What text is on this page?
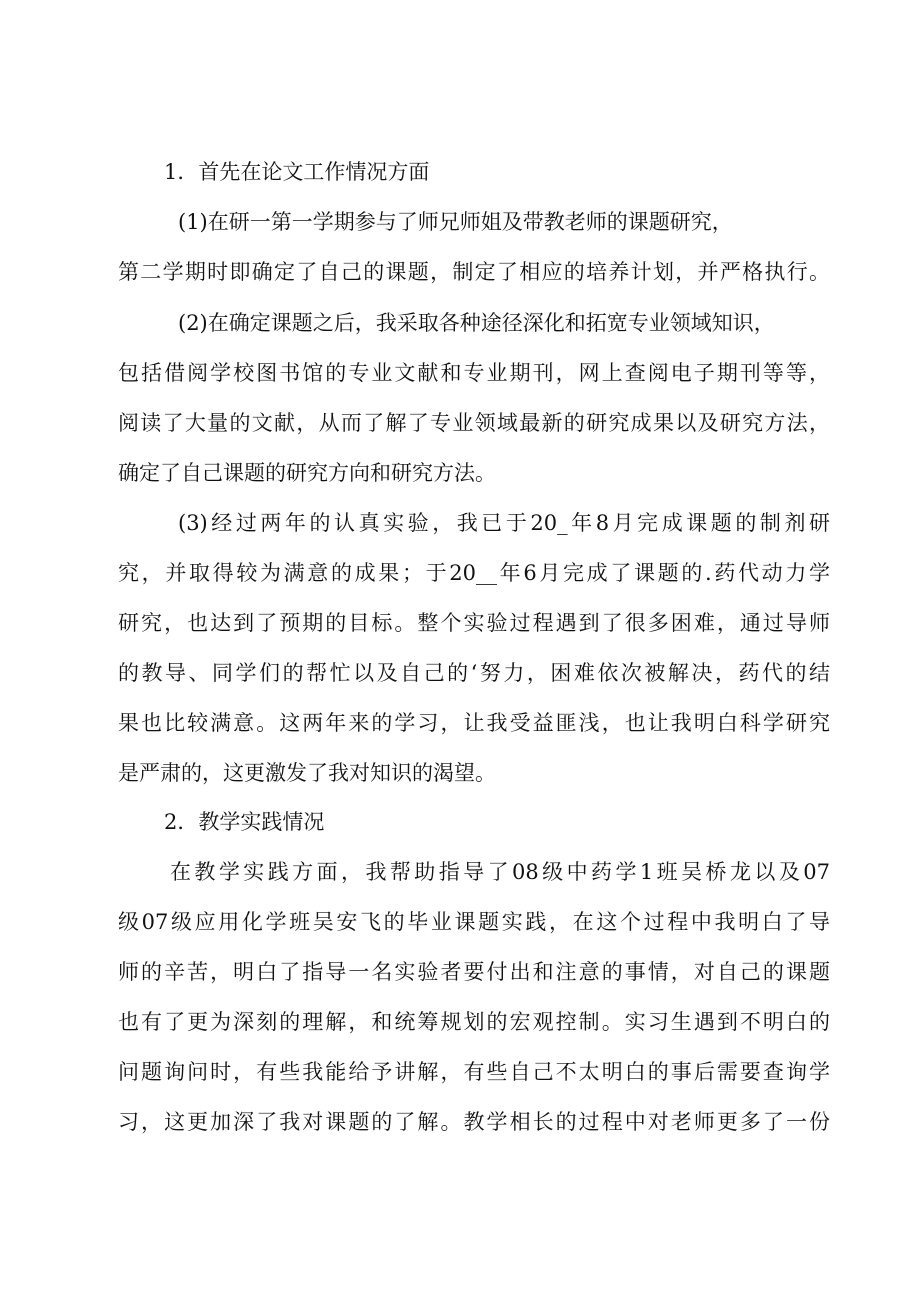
1．首先在论文工作情况方面
(1)在研一第一学期参与了师兄师姐及带教老师的课题研究，
第二学期时即确定了自己的课题，制定了相应的培养计划，并严格执行。
(2)在确定课题之后，我采取各种途径深化和拓宽专业领域知识，
包括借阅学校图书馆的专业文献和专业期刊，网上查阅电子期刊等等，
阅读了大量的文献，从而了解了专业领域最新的研究成果以及研究方法，
确定了自己课题的研究方向和研究方法。
(3)经过两年的认真实验，我已于20_年8月完成课题的制剂研
究，并取得较为满意的成果；于20__年6月完成了课题的.药代动力学
研究，也达到了预期的目标。整个实验过程遇到了很多困难，通过导师
的教导、同学们的帮忙以及自己的‘努力，困难依次被解决，药代的结
果也比较满意。这两年来的学习，让我受益匪浅，也让我明白科学研究
是严肃的，这更激发了我对知识的渴望。
2．教学实践情况
在教学实践方面，我帮助指导了08级中药学1班吴桥龙以及07
级07级应用化学班吴安飞的毕业课题实践，在这个过程中我明白了导
师的辛苦，明白了指导一名实验者要付出和注意的事情，对自己的课题
也有了更为深刻的理解，和统筹规划的宏观控制。实习生遇到不明白的
问题询问时，有些我能给予讲解，有些自己不太明白的事后需要查询学
习，这更加深了我对课题的了解。教学相长的过程中对老师更多了一份
